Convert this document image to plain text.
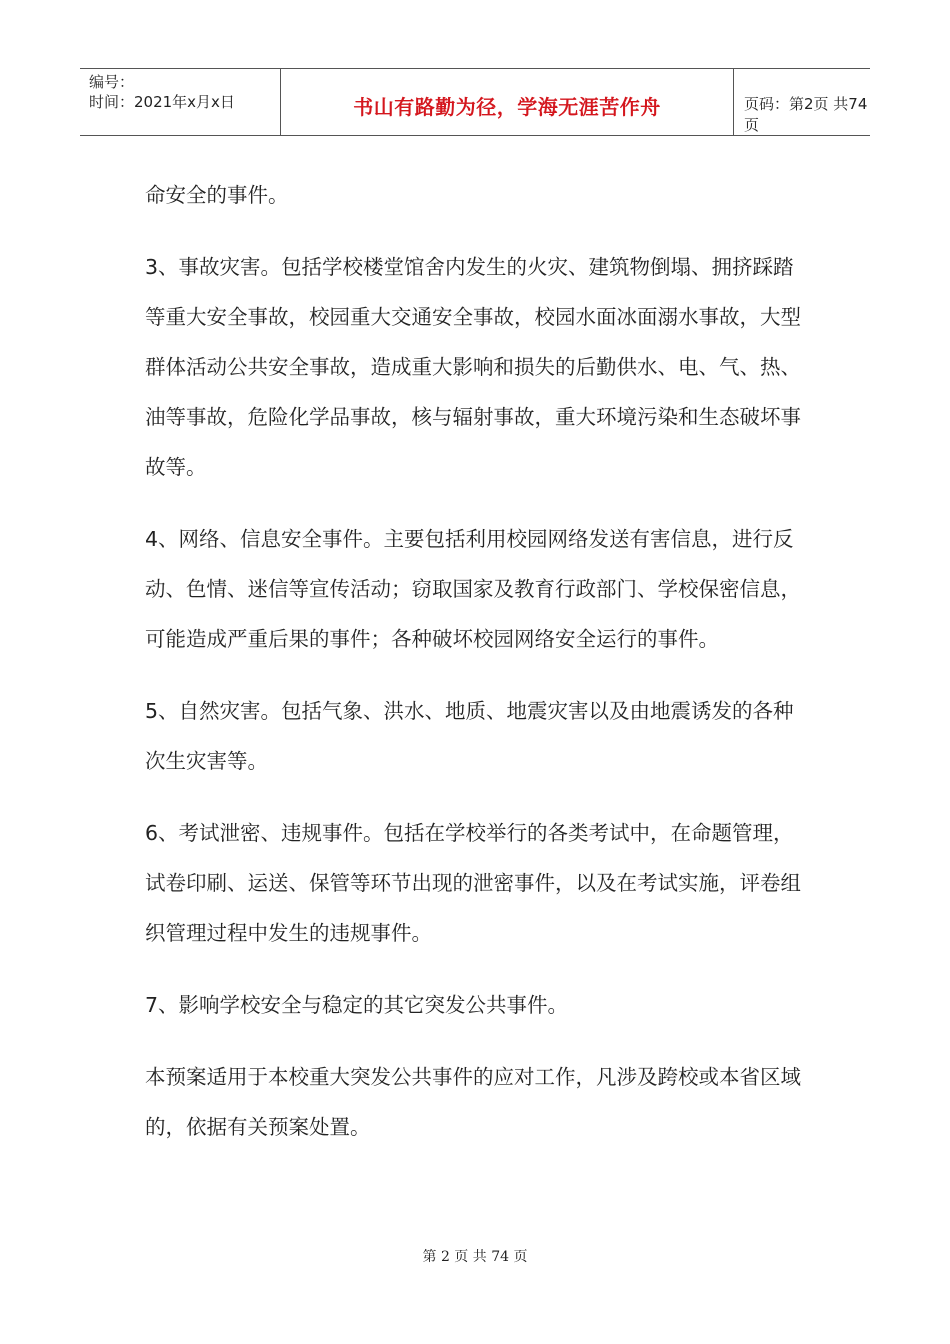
编号：
时间：2021年x月x日	书山有路勤为径，学海无涯苦作舟	页码：第2页 共74页

命安全的事件。

3、事故灾害。包括学校楼堂馆舍内发生的火灾、建筑物倒塌、拥挤踩踏等重大安全事故，校园重大交通安全事故，校园水面冰面溺水事故，大型群体活动公共安全事故，造成重大影响和损失的后勤供水、电、气、热、油等事故，危险化学品事故，核与辐射事故，重大环境污染和生态破坏事故等。

4、网络、信息安全事件。主要包括利用校园网络发送有害信息，进行反动、色情、迷信等宣传活动；窃取国家及教育行政部门、学校保密信息，可能造成严重后果的事件；各种破坏校园网络安全运行的事件。

5、自然灾害。包括气象、洪水、地质、地震灾害以及由地震诱发的各种次生灾害等。

6、考试泄密、违规事件。包括在学校举行的各类考试中，在命题管理，试卷印刷、运送、保管等环节出现的泄密事件，以及在考试实施，评卷组织管理过程中发生的违规事件。

7、影响学校安全与稳定的其它突发公共事件。

本预案适用于本校重大突发公共事件的应对工作，凡涉及跨校或本省区域的，依据有关预案处置。

第 2 页 共 74 页
